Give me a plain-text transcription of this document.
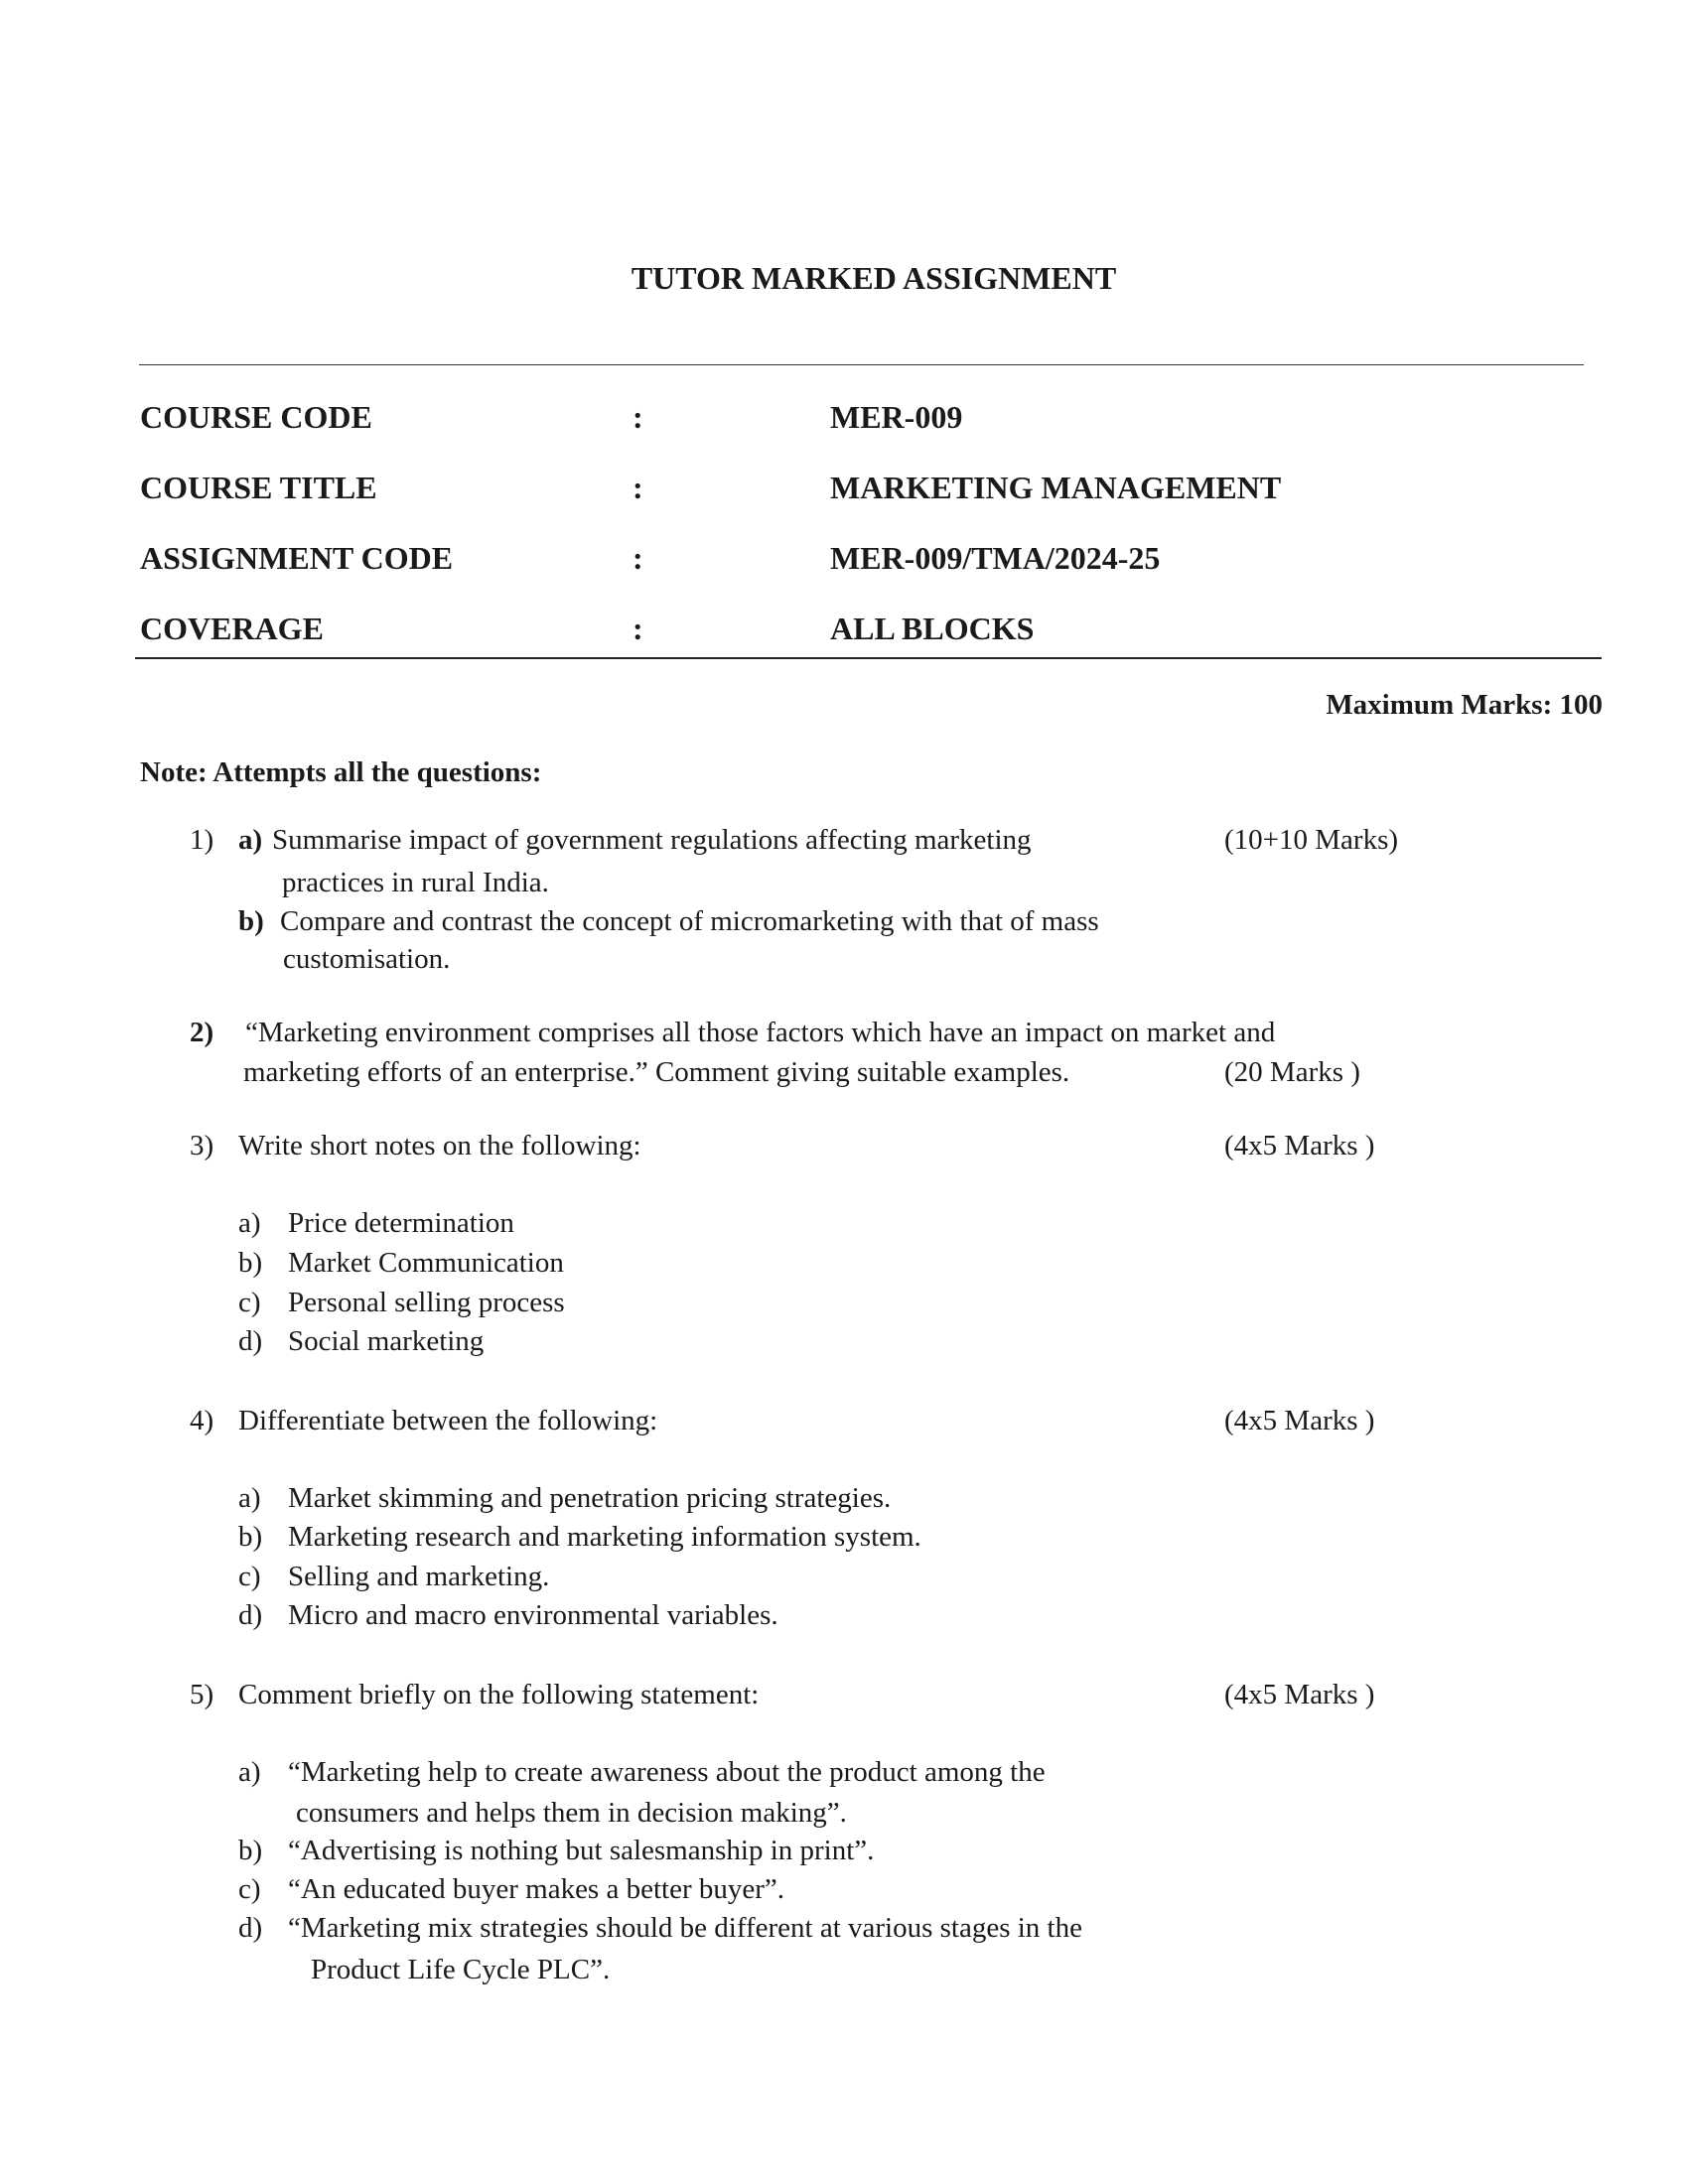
TUTOR MARKED ASSIGNMENT
COURSE CODE	:	MER-009
COURSE TITLE	:	MARKETING MANAGEMENT
ASSIGNMENT CODE	:	MER-009/TMA/2024-25
COVERAGE	:	ALL BLOCKS
Maximum Marks: 100
Note: Attempts all the questions:
1) a) Summarise impact of government regulations affecting marketing	(10+10 Marks)
practices in rural India.
b) Compare and contrast the concept of micromarketing with that of mass
customisation.
2) “Marketing environment comprises all those factors which have an impact on market and
marketing efforts of an enterprise.” Comment giving suitable examples.	(20 Marks )
3) Write short notes on the following:	(4x5 Marks )
a) Price determination
b) Market Communication
c) Personal selling process
d) Social marketing
4) Differentiate between the following:	(4x5 Marks )
a) Market skimming and penetration pricing strategies.
b) Marketing research and marketing information system.
c) Selling and marketing.
d) Micro and macro environmental variables.
5) Comment briefly on the following statement:	(4x5 Marks )
a) “Marketing help to create awareness about the product among the
consumers and helps them in decision making”.
b) “Advertising is nothing but salesmanship in print”.
c) “An educated buyer makes a better buyer”.
d) “Marketing mix strategies should be different at various stages in the
Product Life Cycle PLC”.
